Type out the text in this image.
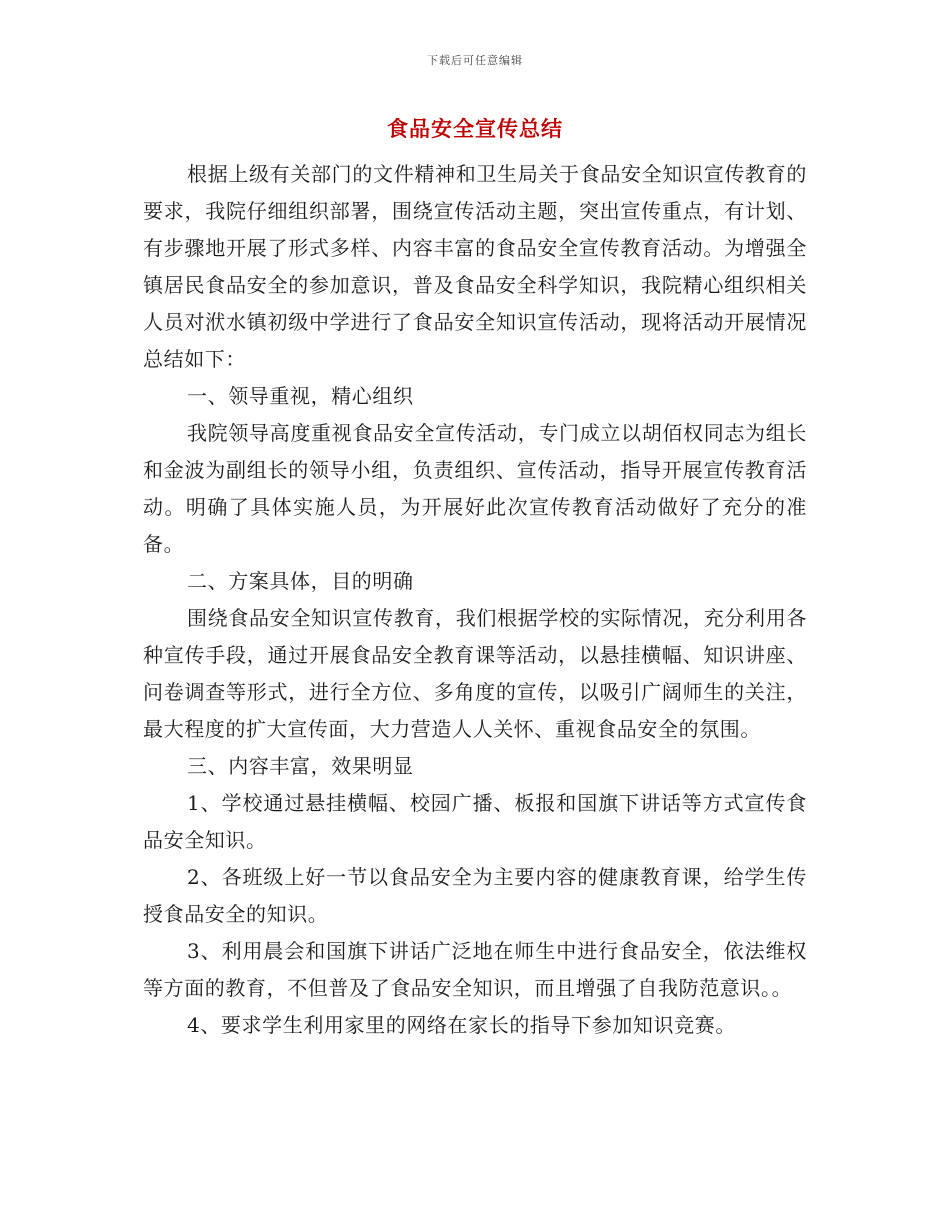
下载后可任意编辑
食品安全宣传总结

根据上级有关部门的文件精神和卫生局关于食品安全知识宣传教育的要求，我院仔细组织部署，围绕宣传活动主题，突出宣传重点，有计划、有步骤地开展了形式多样、内容丰富的食品安全宣传教育活动。为增强全镇居民食品安全的参加意识，普及食品安全科学知识，我院精心组织相关人员对洑水镇初级中学进行了食品安全知识宣传活动，现将活动开展情况总结如下：

一、领导重视，精心组织

我院领导高度重视食品安全宣传活动，专门成立以胡佰权同志为组长和金波为副组长的领导小组，负责组织、宣传活动，指导开展宣传教育活动。明确了具体实施人员，为开展好此次宣传教育活动做好了充分的准备。

二、方案具体，目的明确

围绕食品安全知识宣传教育，我们根据学校的实际情况，充分利用各种宣传手段，通过开展食品安全教育课等活动，以悬挂横幅、知识讲座、问卷调查等形式，进行全方位、多角度的宣传，以吸引广阔师生的关注，最大程度的扩大宣传面，大力营造人人关怀、重视食品安全的氛围。

三、内容丰富，效果明显

1、学校通过悬挂横幅、校园广播、板报和国旗下讲话等方式宣传食品安全知识。

2、各班级上好一节以食品安全为主要内容的健康教育课，给学生传授食品安全的知识。

3、利用晨会和国旗下讲话广泛地在师生中进行食品安全，依法维权等方面的教育，不但普及了食品安全知识，而且增强了自我防范意识。。

4、要求学生利用家里的网络在家长的指导下参加知识竞赛。
